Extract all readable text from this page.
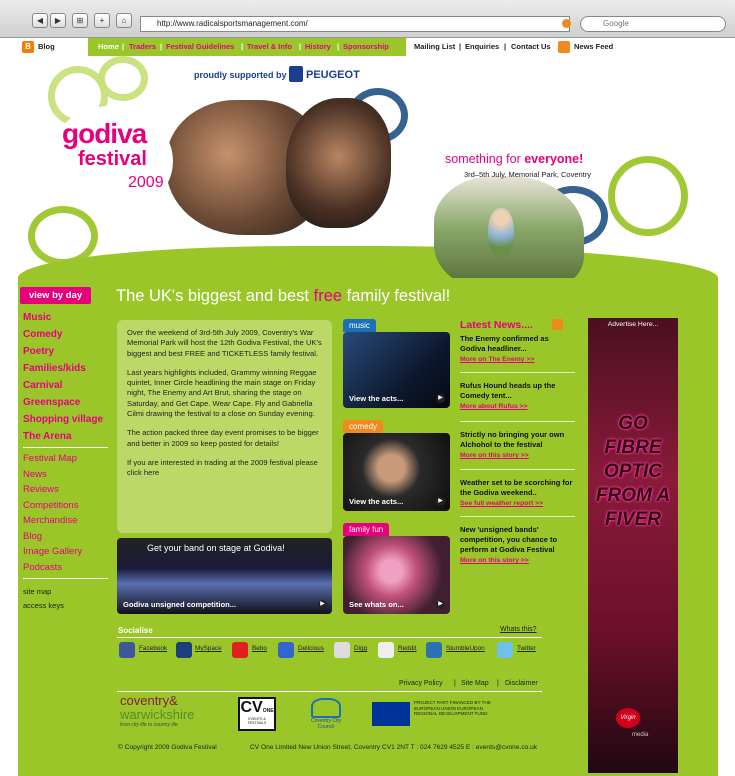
◀	▶	⊞	+	⌂	http://www.radicalsportsmanagement.com/	Google
B Blog	Home | Traders | Festival Guidelines | Travel & Info | History | Sponsorship	Mailing List | Enquiries | Contact Us	News Feed
proudly supported by PEUGEOT
godiva
festival
2009
something for everyone!
3rd–5th July, Memorial Park, Coventry
view by day
Music
Comedy
Poetry
Families/kids
Carnival
Greenspace
Shopping village
The Arena
Festival Map
News
Reviews
Competitions
Merchandise
Blog
Image Gallery
Podcasts
site map
access keys
The UK's biggest and best free family festival!

Over the weekend of 3rd-5th July 2009, Coventry's War Memorial Park will host the 12th Godiva Festival, the UK's biggest and best FREE and TICKETLESS family festival.

Last years highlights included, Grammy winning Reggae quintet, Inner Circle headlining the main stage on Friday night, The Enemy and Art Brut, sharing the stage on Saturday, and Get Cape. Wear Cape. Fly and Gabriella Cilmi drawing the festival to a close on Sunday evening.

The action packed three day event promises to be bigger and better in 2009 so keep posted for details!

If you are interested in trading at the 2009 festival please click here

Get your band on stage at Godiva!
Godiva unsigned competition...	▶
music
View the acts...	▶
comedy
View the acts...	▶
family fun
See whats on...	▶
Latest News....
The Enemy confirmed as Godiva headliner...
More on The Enemy >>
Rufus Hound heads up the Comedy tent...
More about Rufus >>
Strictly no bringing your own Alchohol to the festival
More on this story >>
Weather set to be scorching for the Godiva weekend..
See full weather report >>
New 'unsigned bands' competition, you chance to perform at Godiva Festival
More on this story >>
Advertise Here...
GO
FIBRE
OPTIC
FROM A
FIVER
Virgin
media
Socialise	Whats this?
Facebook	MySpace	Bebo	Delicious	Digg	Reddit	StumbleUpon	Twitter
Privacy Policy | Site Map | Disclaimer
coventry&
warwickshire
from city life to country life
CVONE
EVENTS & FESTIVALS	Coventry City Council
PROJECT PART FINANCED BY THE EUROPEAN UNION EUROPEAN REGIONAL DEVELOPMENT FUND
© Copyright 2009 Godiva Festival	CV One Limited New Union Street, Coventry CV1 2NT T : 024 7629 4525 E : events@cvone.co.uk
